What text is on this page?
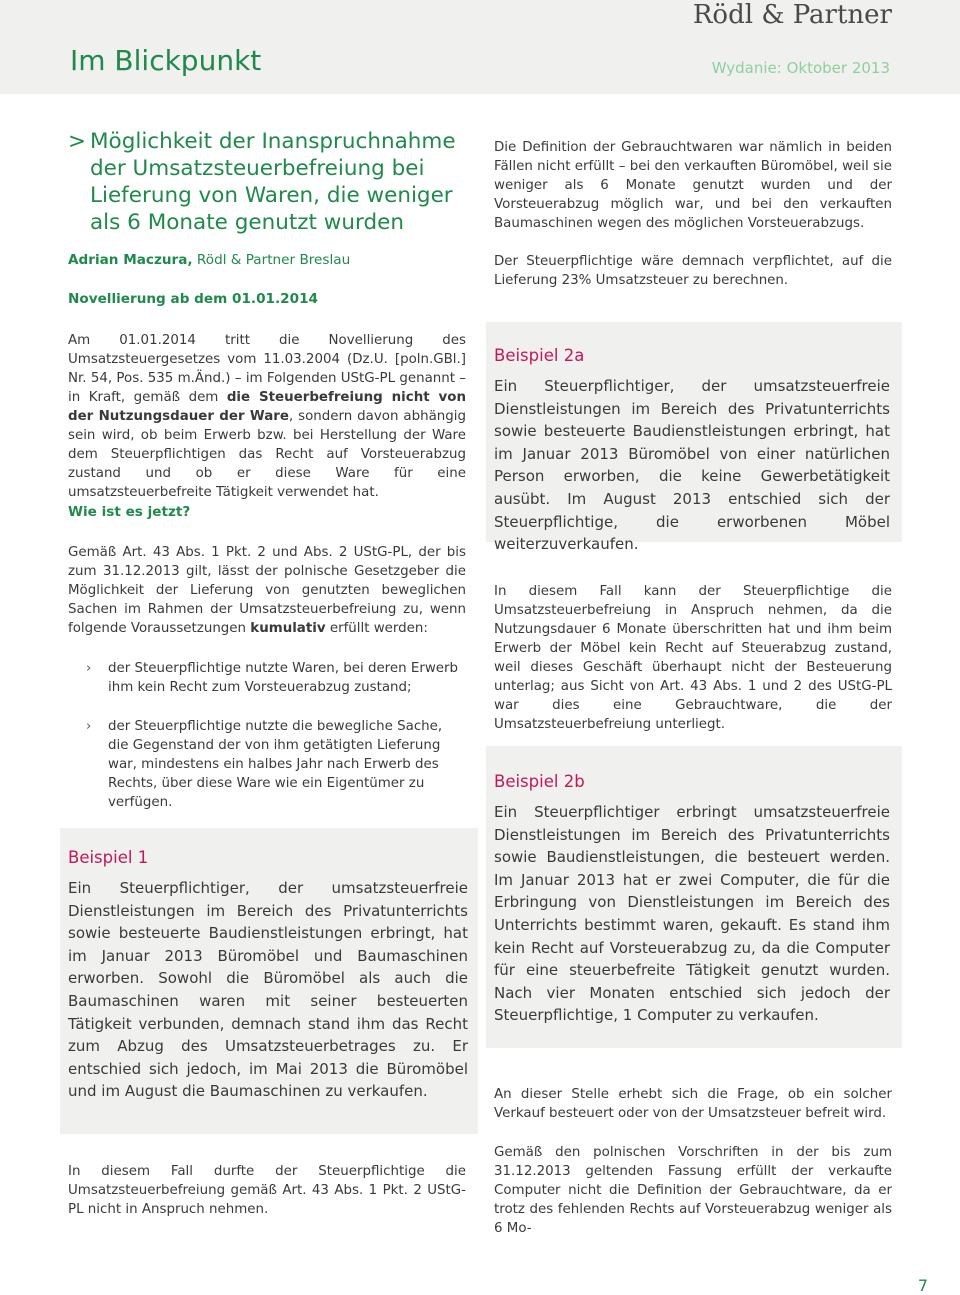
Rödl & Partner
Im Blickpunkt	Wydanie: Oktober 2013
> Möglichkeit der Inanspruchnahme der Umsatzsteuerbefreiung bei Lieferung von Waren, die weniger als 6 Monate genutzt wurden
Adrian Maczura, Rödl & Partner Breslau
Novellierung ab dem 01.01.2014

Am 01.01.2014 tritt die Novellierung des Umsatzsteuergesetzes vom 11.03.2004 (Dz.U. [poln.GBl.] Nr. 54, Pos. 535 m.Änd.) – im Folgenden UStG-PL genannt – in Kraft, gemäß dem die Steuerbefreiung nicht von der Nutzungsdauer der Ware, sondern davon abhängig sein wird, ob beim Erwerb bzw. bei Herstellung der Ware dem Steuerpflichtigen das Recht auf Vorsteuerabzug zustand und ob er diese Ware für eine umsatzsteuerbefreite Tätigkeit verwendet hat.

Wie ist es jetzt?

Gemäß Art. 43 Abs. 1 Pkt. 2 und Abs. 2 UStG-PL, der bis zum 31.12.2013 gilt, lässt der polnische Gesetzgeber die Möglichkeit der Lieferung von genutzten beweglichen Sachen im Rahmen der Umsatzsteuerbefreiung zu, wenn folgende Voraussetzungen kumulativ erfüllt werden:

›	der Steuerpflichtige nutzte Waren, bei deren Erwerb ihm kein Recht zum Vorsteuerabzug zustand;
›	der Steuerpflichtige nutzte die bewegliche Sache, die Gegenstand der von ihm getätigten Lieferung war, mindestens ein halbes Jahr nach Erwerb des Rechts, über diese Ware wie ein Eigentümer zu verfügen.
Beispiel 1
Ein Steuerpflichtiger, der umsatzsteuerfreie Dienstleistungen im Bereich des Privatunterrichts sowie besteuerte Baudienstleistungen erbringt, hat im Januar 2013 Büromöbel und Baumaschinen erworben. Sowohl die Büromöbel als auch die Baumaschinen waren mit seiner besteuerten Tätigkeit verbunden, demnach stand ihm das Recht zum Abzug des Umsatzsteuerbetrages zu. Er entschied sich jedoch, im Mai 2013 die Büromöbel und im August die Baumaschinen zu verkaufen.

In diesem Fall durfte der Steuerpflichtige die Umsatzsteuerbefreiung gemäß Art. 43 Abs. 1 Pkt. 2 UStG-PL nicht in Anspruch nehmen.

Die Definition der Gebrauchtwaren war nämlich in beiden Fällen nicht erfüllt – bei den verkauften Büromöbel, weil sie weniger als 6 Monate genutzt wurden und der Vorsteuerabzug möglich war, und bei den verkauften Baumaschinen wegen des möglichen Vorsteuerabzugs.

Der Steuerpflichtige wäre demnach verpflichtet, auf die Lieferung 23% Umsatzsteuer zu berechnen.

Beispiel 2a
Ein Steuerpflichtiger, der umsatzsteuerfreie Dienstleistungen im Bereich des Privatunterrichts sowie besteuerte Baudienstleistungen erbringt, hat im Januar 2013 Büromöbel von einer natürlichen Person erworben, die keine Gewerbetätigkeit ausübt. Im August 2013 entschied sich der Steuerpflichtige, die erworbenen Möbel weiterzuverkaufen.

In diesem Fall kann der Steuerpflichtige die Umsatzsteuerbefreiung in Anspruch nehmen, da die Nutzungsdauer 6 Monate überschritten hat und ihm beim Erwerb der Möbel kein Recht auf Steuerabzug zustand, weil dieses Geschäft überhaupt nicht der Besteuerung unterlag; aus Sicht von Art. 43 Abs. 1 und 2 des UStG-PL war dies eine Gebrauchtware, die der Umsatzsteuerbefreiung unterliegt.

Beispiel 2b
Ein Steuerpflichtiger erbringt umsatzsteuerfreie Dienstleistungen im Bereich des Privatunterrichts sowie Baudienstleistungen, die besteuert werden. Im Januar 2013 hat er zwei Computer, die für die Erbringung von Dienstleistungen im Bereich des Unterrichts bestimmt waren, gekauft. Es stand ihm kein Recht auf Vorsteuerabzug zu, da die Computer für eine steuerbefreite Tätigkeit genutzt wurden. Nach vier Monaten entschied sich jedoch der Steuerpflichtige, 1 Computer zu verkaufen.

An dieser Stelle erhebt sich die Frage, ob ein solcher Verkauf besteuert oder von der Umsatzsteuer befreit wird.

Gemäß den polnischen Vorschriften in der bis zum 31.12.2013 geltenden Fassung erfüllt der verkaufte Computer nicht die Definition der Gebrauchtware, da er trotz des fehlenden Rechts auf Vorsteuerabzug weniger als 6 Mo-

7
